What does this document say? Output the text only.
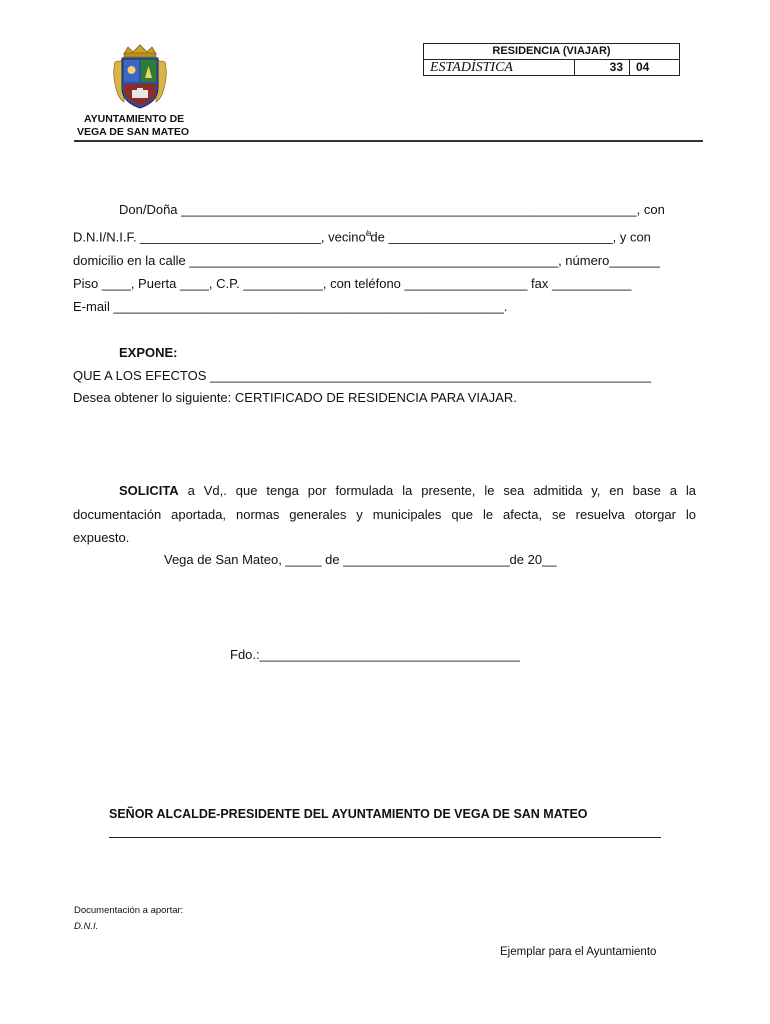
AYUNTAMIENTO DE
VEGA DE SAN MATEO
RESIDENCIA (VIAJAR)
ESTADÍSTICA	33	04
Don/Doña _______________________________________________________________, con
D.N.I/N.I.F. _________________________, vecino$^{/a}$de _______________________________, y con
domicilio en la calle ___________________________________________________, número_______
Piso ____, Puerta ____, C.P. ___________, con teléfono _________________ fax ___________
E-mail ______________________________________________________.
EXPONE:
QUE A LOS EFECTOS _____________________________________________________________
Desea obtener lo siguiente: CERTIFICADO DE RESIDENCIA PARA VIAJAR.
SOLICITA a Vd,. que tenga por formulada la presente, le sea admitida y, en base a la
documentación aportada, normas generales y municipales que le afecta, se resuelva otorgar lo
expuesto.
Vega de San Mateo, _____ de _______________________de 20__
Fdo.:____________________________________
SEÑOR ALCALDE-PRESIDENTE DEL AYUNTAMIENTO DE VEGA DE SAN MATEO
Documentación a aportar:
D.N.I.
Ejemplar para el Ayuntamiento
